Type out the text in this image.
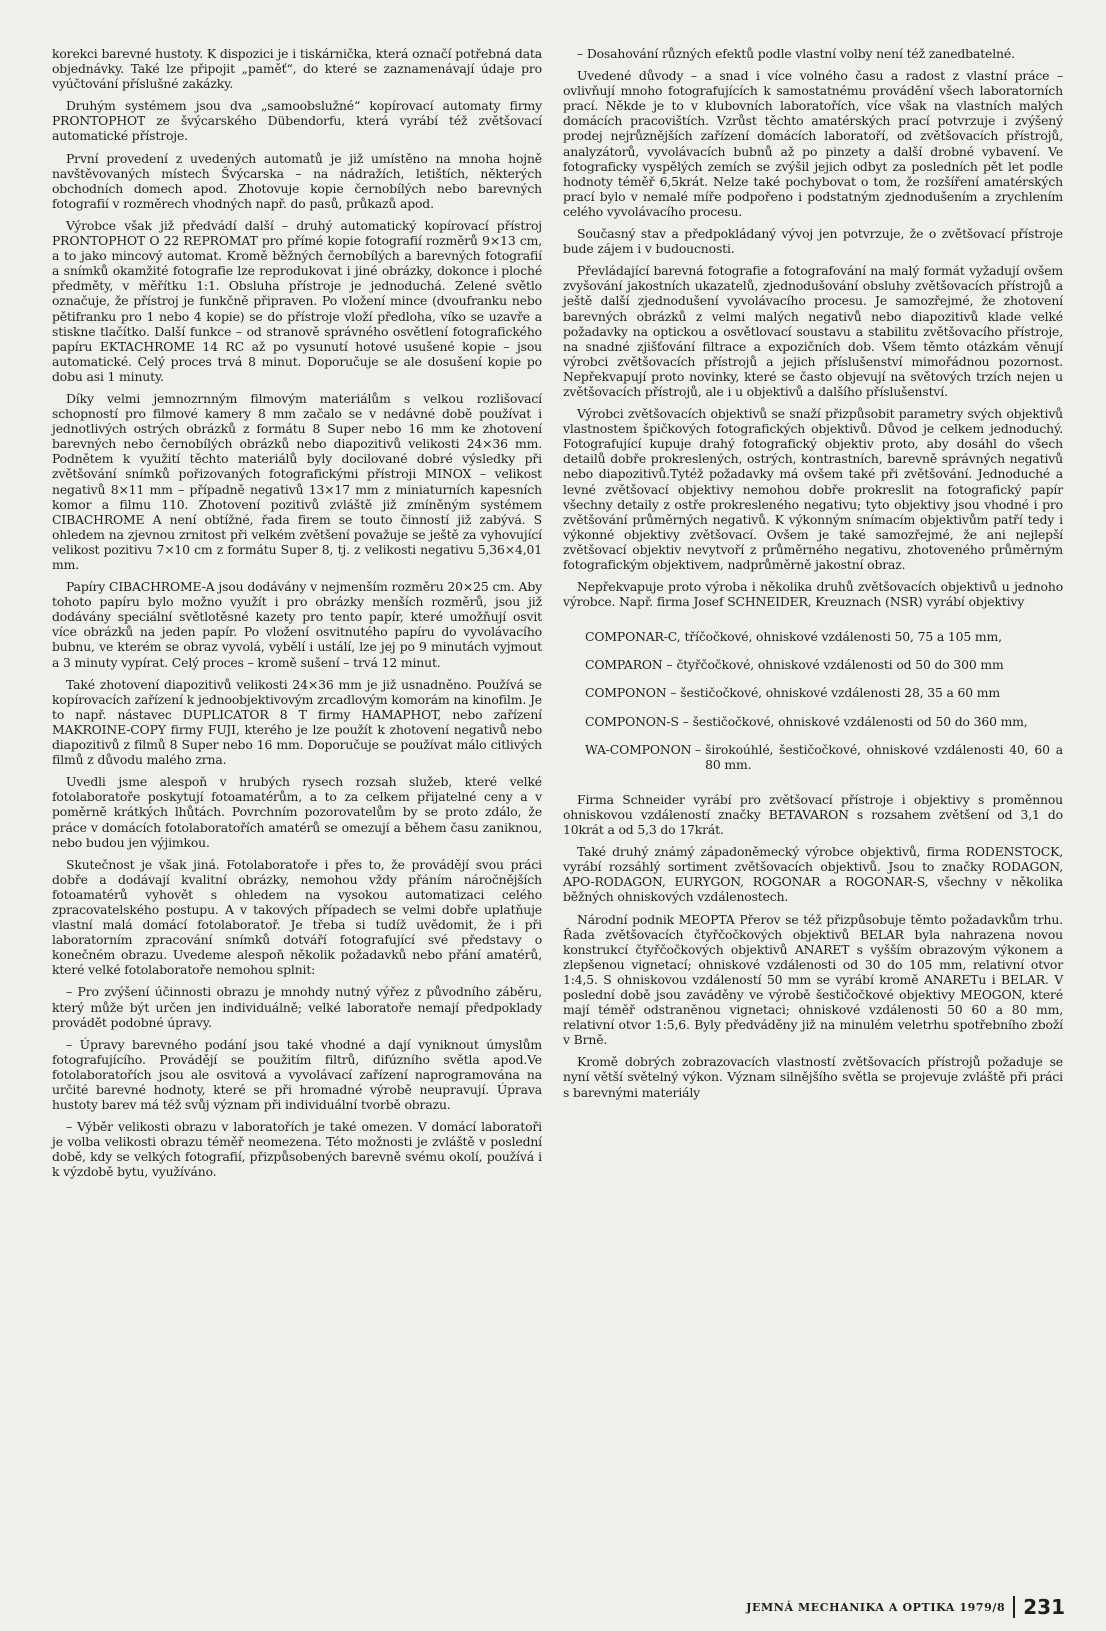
korekci barevné hustoty. K dispozici je i tiskárnička, která označí potřebná data objednávky. Také lze připojit „paměť“, do které se zaznamenávají údaje pro vyúčtování příslušné zakázky.

Druhým systémem jsou dva „samoobslužné“ kopírovací automaty firmy PRONTOPHOT ze švýcarského Dübendorfu, která vyrábí též zvětšovací automatické přístroje.

První provedení z uvedených automatů je již umístěno na mnoha hojně navštěvovaných místech Švýcarska – na nádražích, letištích, některých obchodních domech apod. Zhotovuje kopie černobílých nebo barevných fotografií v rozměrech vhodných např. do pasů, průkazů apod.

Výrobce však již předvádí další – druhý automatický kopírovací přístroj PRONTOPHOT O 22 REPROMAT pro přímé kopie fotografií rozměrů 9×13 cm, a to jako mincový automat. Kromě běžných černobílých a barevných fotografií a snímků okamžité fotografie lze reprodukovat i jiné obrázky, dokonce i ploché předměty, v měřítku 1:1. Obsluha přístroje je jednoduchá. Zelené světlo označuje, že přístroj je funkčně připraven. Po vložení mince (dvoufranku nebo pětifranku pro 1 nebo 4 kopie) se do přístroje vloží předloha, víko se uzavře a stiskne tlačítko. Další funkce – od stranově správného osvětlení fotografického papíru EKTACHROME 14 RC až po vysunutí hotové usušené kopie – jsou automatické. Celý proces trvá 8 minut. Doporučuje se ale dosušení kopie po dobu asi 1 minuty.

Díky velmi jemnozrnným filmovým materiálům s velkou rozlišovací schopností pro filmové kamery 8 mm začalo se v nedávné době používat i jednotlivých ostrých obrázků z formátu 8 Super nebo 16 mm ke zhotovení barevných nebo černobílých obrázků nebo diapozitivů velikosti 24×36 mm. Podnětem k využití těchto materiálů byly docilované dobré výsledky při zvětšování snímků pořizovaných fotografickými přístroji MINOX – velikost negativů 8×11 mm – případně negativů 13×17 mm z miniaturních kapesních komor a filmu 110. Zhotovení pozitivů zvláště již zmíněným systémem CIBACHROME A není obtížné, řada firem se touto činností již zabývá. S ohledem na zjevnou zrnitost při velkém zvětšení považuje se ještě za vyhovující velikost pozitivu 7×10 cm z formátu Super 8, tj. z velikosti negativu 5,36×4,01 mm.

Papíry CIBACHROME-A jsou dodávány v nejmenším rozměru 20×25 cm. Aby tohoto papíru bylo možno využít i pro obrázky menších rozměrů, jsou již dodávány speciální světlotěsné kazety pro tento papír, které umožňují osvit více obrázků na jeden papír. Po vložení osvitnutého papíru do vyvolávacího bubnu, ve kterém se obraz vyvolá, vybělí i ustálí, lze jej po 9 minutách vyjmout a 3 minuty vypírat. Celý proces – kromě sušení – trvá 12 minut.

Také zhotovení diapozitivů velikosti 24×36 mm je již usnadněno. Používá se kopírovacích zařízení k jednoobjektivovým zrcadlovým komorám na kinofilm. Je to např. nástavec DUPLICATOR 8 T firmy HAMAPHOT, nebo zařízení MAKROINE-COPY firmy FUJI, kterého je lze použít k zhotovení negativů nebo diapozitivů z filmů 8 Super nebo 16 mm. Doporučuje se používat málo citlivých filmů z důvodu malého zrna.

Uvedli jsme alespoň v hrubých rysech rozsah služeb, které velké fotolaboratoře poskytují fotoamatérům, a to za celkem přijatelné ceny a v poměrně krátkých lhůtách. Povrchním pozorovatelům by se proto zdálo, že práce v domácích fotolaboratořích amatérů se omezují a během času zaniknou, nebo budou jen výjimkou.

Skutečnost je však jiná. Fotolaboratoře i přes to, že provádějí svou práci dobře a dodávají kvalitní obrázky, nemohou vždy přáním náročnějších fotoamatérů vyhovět s ohledem na vysokou automatizaci celého zpracovatelského postupu. A v takových případech se velmi dobře uplatňuje vlastní malá domácí fotolaboratoř. Je třeba si tudíž uvědomit, že i při laboratorním zpracování snímků dotváří fotografující své představy o konečném obrazu. Uvedeme alespoň několik požadavků nebo přání amatérů, které velké fotolaboratoře nemohou splnit:

– Pro zvýšení účinnosti obrazu je mnohdy nutný výřez z původního záběru, který může být určen jen individuálně; velké laboratoře nemají předpoklady provádět podobné úpravy.

– Úpravy barevného podání jsou také vhodné a dají vyniknout úmyslům fotografujícího. Provádějí se použitím filtrů, difúzního světla apod.Ve fotolaboratořích jsou ale osvitová a vyvolávací zařízení naprogramována na určité barevné hodnoty, které se při hromadné výrobě neupravují. Úprava hustoty barev má též svůj význam při individuální tvorbě obrazu.

– Výběr velikosti obrazu v laboratořích je také omezen. V domácí laboratoři je volba velikosti obrazu téměř neomezena. Této možnosti je zvláště v poslední době, kdy se velkých fotografií, přizpůsobených barevně svému okolí, používá i k výzdobě bytu, využíváno.

– Dosahování různých efektů podle vlastní volby není též zanedbatelné.

Uvedené důvody – a snad i více volného času a radost z vlastní práce – ovlivňují mnoho fotografujících k samostatnému provádění všech laboratorních prací. Někde je to v klubovních laboratořích, více však na vlastních malých domácích pracovištích. Vzrůst těchto amatérských prací potvrzuje i zvýšený prodej nejrůznějších zařízení domácích laboratoří, od zvětšovacích přístrojů, analyzátorů, vyvolávacích bubnů až po pinzety a další drobné vybavení. Ve fotograficky vyspělých zemích se zvýšil jejich odbyt za posledních pět let podle hodnoty téměř 6,5krát. Nelze také pochybovat o tom, že rozšíření amatérských prací bylo v nemalé míře podpořeno i podstatným zjednodušením a zrychlením celého vyvolávacího procesu.

Současný stav a předpokládaný vývoj jen potvrzuje, že o zvětšovací přístroje bude zájem i v budoucnosti.

Převládající barevná fotografie a fotografování na malý formát vyžadují ovšem zvyšování jakostních ukazatelů, zjednodušování obsluhy zvětšovacích přístrojů a ještě další zjednodušení vyvolávacího procesu. Je samozřejmé, že zhotovení barevných obrázků z velmi malých negativů nebo diapozitivů klade velké požadavky na optickou a osvětlovací soustavu a stabilitu zvětšovacího přístroje, na snadné zjišťování filtrace a expozičních dob. Všem těmto otázkám věnují výrobci zvětšovacích přístrojů a jejich příslušenství mimořádnou pozornost. Nepřekvapují proto novinky, které se často objevují na světových trzích nejen u zvětšovacích přístrojů, ale i u objektivů a dalšího příslušenství.

Výrobci zvětšovacích objektivů se snaží přizpůsobit parametry svých objektivů vlastnostem špičkových fotografických objektivů. Důvod je celkem jednoduchý. Fotografující kupuje drahý fotografický objektiv proto, aby dosáhl do všech detailů dobře prokreslených, ostrých, kontrastních, barevně správných negativů nebo diapozitivů.Tytéž požadavky má ovšem také při zvětšování. Jednoduché a levné zvětšovací objektivy nemohou dobře prokreslit na fotografický papír všechny detaily z ostře prokresleného negativu; tyto objektivy jsou vhodné i pro zvětšování průměrných negativů. K výkonným snímacím objektivům patří tedy i výkonné objektivy zvětšovací. Ovšem je také samozřejmé, že ani nejlepší zvětšovací objektiv nevytvoří z průměrného negativu, zhotoveného průměrným fotografickým objektivem, nadprůměrně jakostní obraz.

Nepřekvapuje proto výroba i několika druhů zvětšovacích objektivů u jednoho výrobce. Např. firma Josef SCHNEIDER, Kreuznach (NSR) vyrábí objektivy

COMPONAR-C, tříčočkové, ohniskové vzdálenosti 50, 75 a 105 mm,
COMPARON – čtyřčočkové, ohniskové vzdálenosti od 50 do 300 mm
COMPONON – šestičočkové, ohniskové vzdálenosti 28, 35 a 60 mm
COMPONON-S – šestičočkové, ohniskové vzdálenosti od 50 do 360 mm,
WA-COMPONON – širokoúhlé, šestičočkové, ohniskové vzdálenosti 40, 60 a 80 mm.

Firma Schneider vyrábí pro zvětšovací přístroje i objektivy s proměnnou ohniskovou vzdáleností značky BETAVARON s rozsahem zvětšení od 3,1 do 10krát a od 5,3 do 17krát.

Také druhý známý západoněmecký výrobce objektivů, firma RODENSTOCK, vyrábí rozsáhlý sortiment zvětšovacích objektivů. Jsou to značky RODAGON, APO-RODAGON, EURYGON, ROGONAR a ROGONAR-S, všechny v několika běžných ohniskových vzdálenostech.

Národní podnik MEOPTA Přerov se též přizpůsobuje těmto požadavkům trhu. Řada zvětšovacích čtyřčočkových objektivů BELAR byla nahrazena novou konstrukcí čtyřčočkových objektivů ANARET s vyšším obrazovým výkonem a zlepšenou vignetací; ohniskové vzdálenosti od 30 do 105 mm, relativní otvor 1:4,5. S ohniskovou vzdáleností 50 mm se vyrábí kromě ANARETu i BELAR. V poslední době jsou zaváděny ve výrobě šestičočkové objektivy MEOGON, které mají téměř odstraněnou vignetaci; ohniskové vzdálenosti 50 60 a 80 mm, relativní otvor 1:5,6. Byly předváděny již na minulém veletrhu spotřebního zboží v Brně.

Kromě dobrých zobrazovacích vlastností zvětšovacích přístrojů požaduje se nyní větší světelný výkon. Význam silnějšího světla se projevuje zvláště při práci s barevnými materiály

JEMNÁ MECHANIKA A OPTIKA 1979/8 231
